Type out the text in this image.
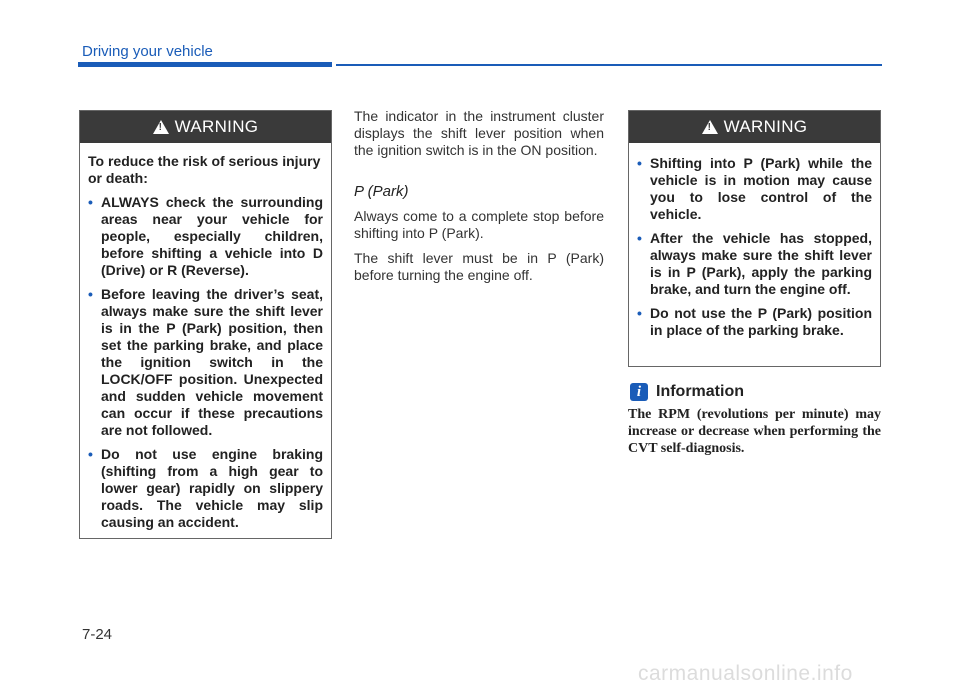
Driving your vehicle
!
WARNING

To reduce the risk of serious injury or death:

• ALWAYS check the surrounding areas near your vehicle for people, especially children, before shifting a vehicle into D (Drive) or R (Reverse).
• Before leaving the driver’s seat, always make sure the shift lever is in the P (Park) position, then set the parking brake, and place the ignition switch in the LOCK/OFF position. Unexpected and sudden vehicle movement can occur if these precautions are not followed.
• Do not use engine braking (shifting from a high gear to lower gear) rapidly on slippery roads. The vehicle may slip causing an accident.

The indicator in the instrument cluster displays the shift lever position when the ignition switch is in the ON position.

P (Park)

Always come to a complete stop before shifting into P (Park).

The shift lever must be in P (Park) before turning the engine off.

!
WARNING
• Shifting into P (Park) while the vehicle is in motion may cause you to lose control of the vehicle.
• After the vehicle has stopped, always make sure the shift lever is in P (Park), apply the parking brake, and turn the engine off.
• Do not use the P (Park) position in place of the parking brake.
i Information

The RPM (revolutions per minute) may increase or decrease when performing the CVT self-diagnosis.

7-24
carmanualsonline.info
